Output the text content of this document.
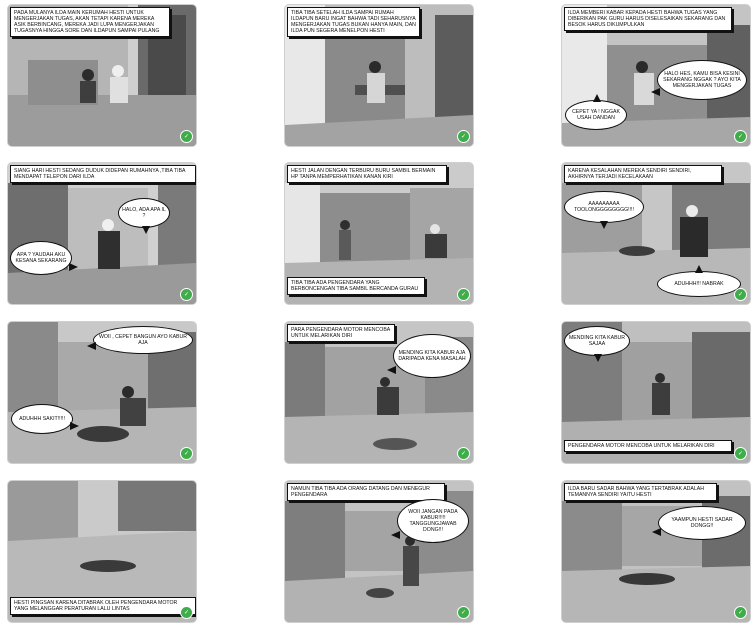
PADA MULANYA ILDA MAIN KERUMAH HESTI UNTUK MENGERJAKAN TUGAS, AKAN TETAPI KARENA MEREKA ASIK BERBINCANG, MEREKA JADI LUPA MENGERJAKAN TUGASNYA HINGGA SORE DAN ILDAPUN SAMPAI PULANG
✓
TIBA TIBA SETELAH ILDA SAMPAI RUMAH ILDAPUN BARU INGAT BAHWA TADI SEHARUSNYA MENGERJAKAN TUGAS BUKAN HANYA MAIN, DAN ILDA PUN SEGERA MENELPON HESTI
✓
ILDA MEMBERI KABAR KEPADA HESTI BAHWA TUGAS YANG DIBERIKAN PAK GURU HARUS DISELESAIKAN SEKARANG DAN BESOK HARUS DIKUMPULKAN
HALO HES, KAMU BISA KESINI SEKARANG NGGAK ? AYO KITA MENGERJAKAN TUGAS
CEPET YA ! NGGAK USAH DANDAN
✓
SIANG HARI HESTI SEDANG DUDUK DIDEPAN RUMAHNYA ,TIBA TIBA MENDAPAT TELEPON DARI ILDA
HALO, ADA APA IL ?
APA ? YAUDAH AKU KESANA SEKARANG
✓
HESTI JALAN DENGAN TERBURU BURU SAMBIL BERMAIN HP TANPA MEMPERHATIKAN KANAN KIRI
TIBA TIBA ADA PENGENDARA YANG BERBONCENGAN TIBA SAMBIL BERCANDA GURAU
✓
KARENA KESALAHAN MEREKA SENDIRI SENDIRI, AKHIRNYA TERJADI KECELAKAAN
AAAAAAAAA TOOLONGGGGGGGG!!!!
ADUHHH!!! NABRAK
✓
WOII , CEPET BANGUN AYO KABUR AJA
ADUHHH SAKIT!!!!!
✓
PARA PENGENDARA MOTOR MENCOBA UNTUK MELARIKAN DIRI
MENDING KITA KABUR AJA DARIPADA KENA MASALAH
✓
MENDING KITA KABUR SAJAA
PENGENDARA MOTOR MENCOBA UNTUK MELARIKAN DIRI
✓
HESTI PINGSAN KARENA DITABRAK OLEH PENGENDARA MOTOR YANG MELANGGAR PERATURAN LALU LINTAS
✓
NAMUN TIBA TIBA ADA ORANG DATANG DAN MENEGUR PENGENDARA
WOII JANGAN PADA KABUR!!!!! TANGGUNGJAWAB DONG!!!
✓
ILDA BARU SADAR BAHWA YANG TERTABRAK ADALAH TEMANNYA SENDIRI YAITU HESTI
YAAMPUN HESTI SADAR DONGG!!
✓
